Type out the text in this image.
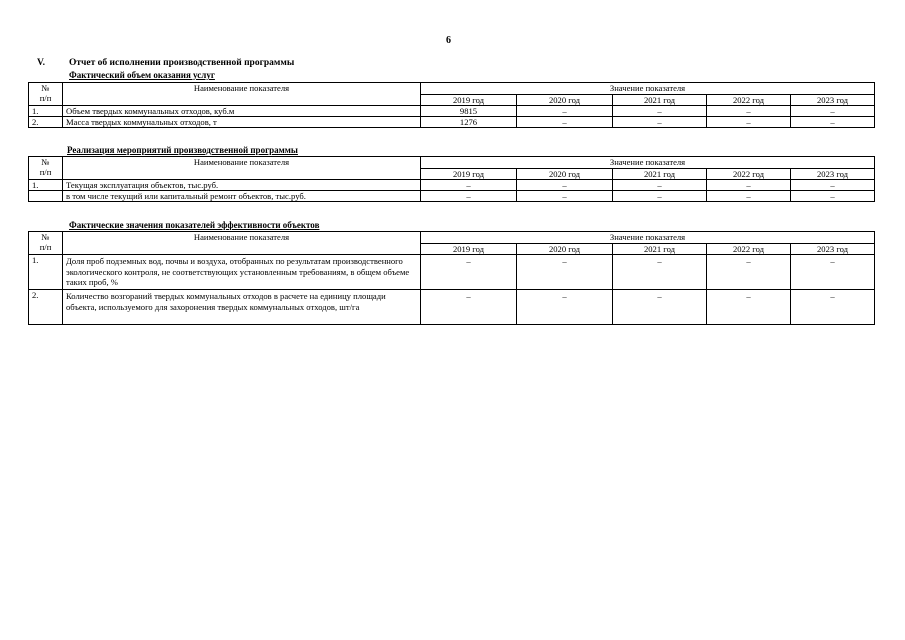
6
V.	Отчет об исполнении производственной программы
Фактический объем оказания услуг
№
п/п	Наименование показателя	Значение показателя				
		2019 год	2020 год	2021 год	2022 год	2023 год
1.	Объем твердых коммунальных отходов, куб.м	9815	–	–	–	–
2.	Масса твердых коммунальных отходов, т	1276	–	–	–	–
Реализация мероприятий производственной программы
№
п/п	Наименование показателя	Значение показателя				
		2019 год	2020 год	2021 год	2022 год	2023 год
1.	Текущая эксплуатация объектов, тыс.руб.	–	–	–	–	–
	в том числе текущий или капитальный ремонт объектов, тыс.руб.	–	–	–	–	–
Фактические значения показателей эффективности объектов
№
п/п	Наименование показателя	Значение показателя				
		2019 год	2020 год	2021 год	2022 год	2023 год
1.	Доля проб подземных вод, почвы и воздуха, отобранных по результатам производственного экологического контроля, не соответствующих установленным требованиям, в общем объеме таких проб, %	–	–	–	–	–
2.	Количество возгораний твердых коммунальных отходов в расчете на единицу площади объекта, используемого для захоронения твердых коммунальных отходов, шт/га	–	–	–	–	–
